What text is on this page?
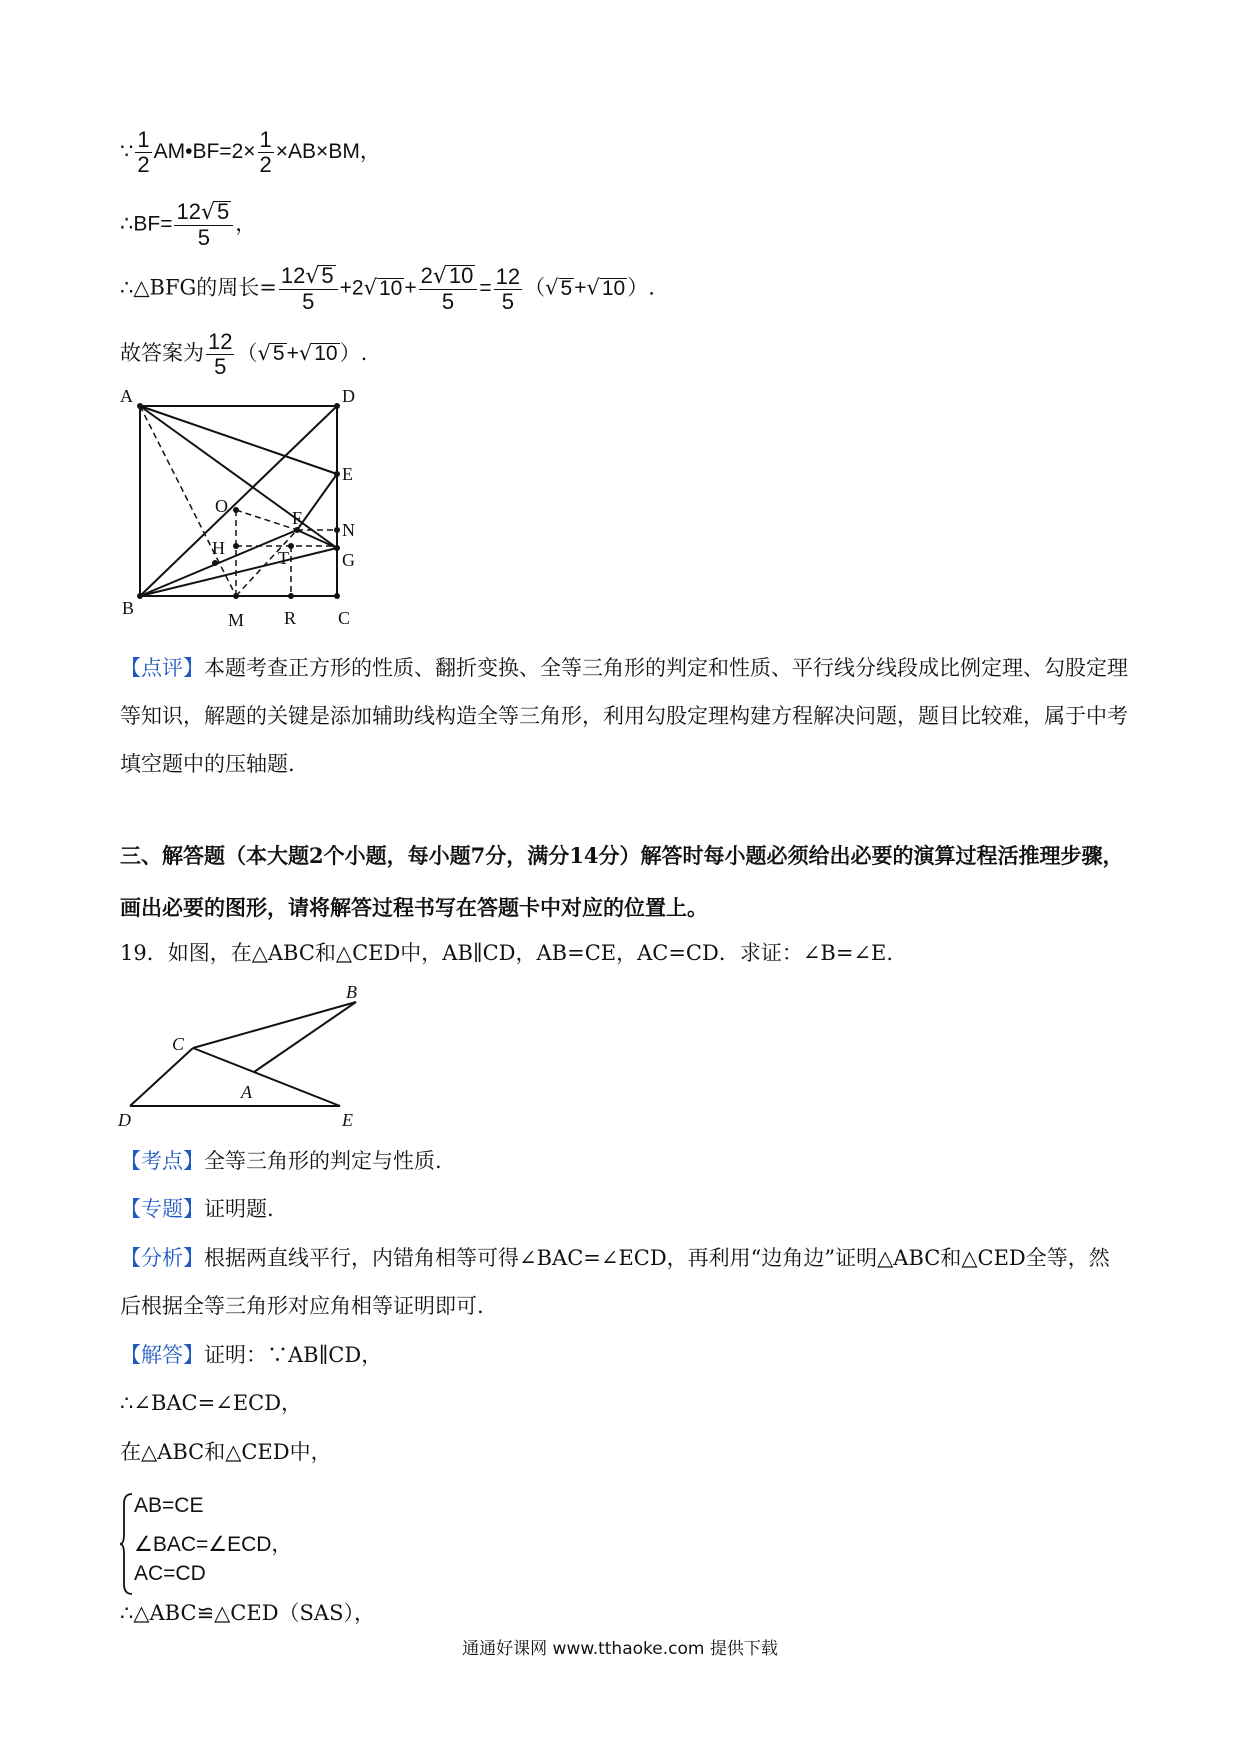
∵ $\frac{1}{2}$ AM•BF=2× $\frac{1}{2} \times AB\times BM$，
∴BF= $\frac{12√5}{5}$ ，
∴△BFG的周长= $\frac{12√5}{5} +2√10+ \frac{2√10}{5} = \frac{12}{5} (√5+√10)$.
故答案为 $\frac{12}{5} (√5+√10)$.
A	D
E
O
F
N
H	T	G
B
M R C
【点评】本题考查正方形的性质、翻折变换、全等三角形的判定和性质、平行线分线段成比例定理、勾股定理等知识，解题的关键是添加辅助线构造全等三角形，利用勾股定理构建方程解决问题，题目比较难，属于中考填空题中的压轴题.
三、解答题（本大题2个小题，每小题7分，满分14分）解答时每小题必须给出必要的演算过程活推理步骤，画出必要的图形，请将解答过程书写在答题卡中对应的位置上。
19．如图，在△ABC和△CED中，AB∥CD，AB=CE，AC=CD．求证：∠B=∠E.
B
C
A
D	E
【考点】全等三角形的判定与性质.
【专题】证明题.
【分析】根据两直线平行，内错角相等可得∠BAC=∠ECD，再利用“边角边”证明△ABC和△CED全等，然后根据全等三角形对应角相等证明即可.
【解答】证明：∵AB∥CD，
∴∠BAC=∠ECD，
在△ABC和△CED中，
AB=CE
∠BAC=∠ECD，
AC=CD
∴△ABC≌△CED（SAS），
通通好课网 www.tthaoke.com 提供下载
